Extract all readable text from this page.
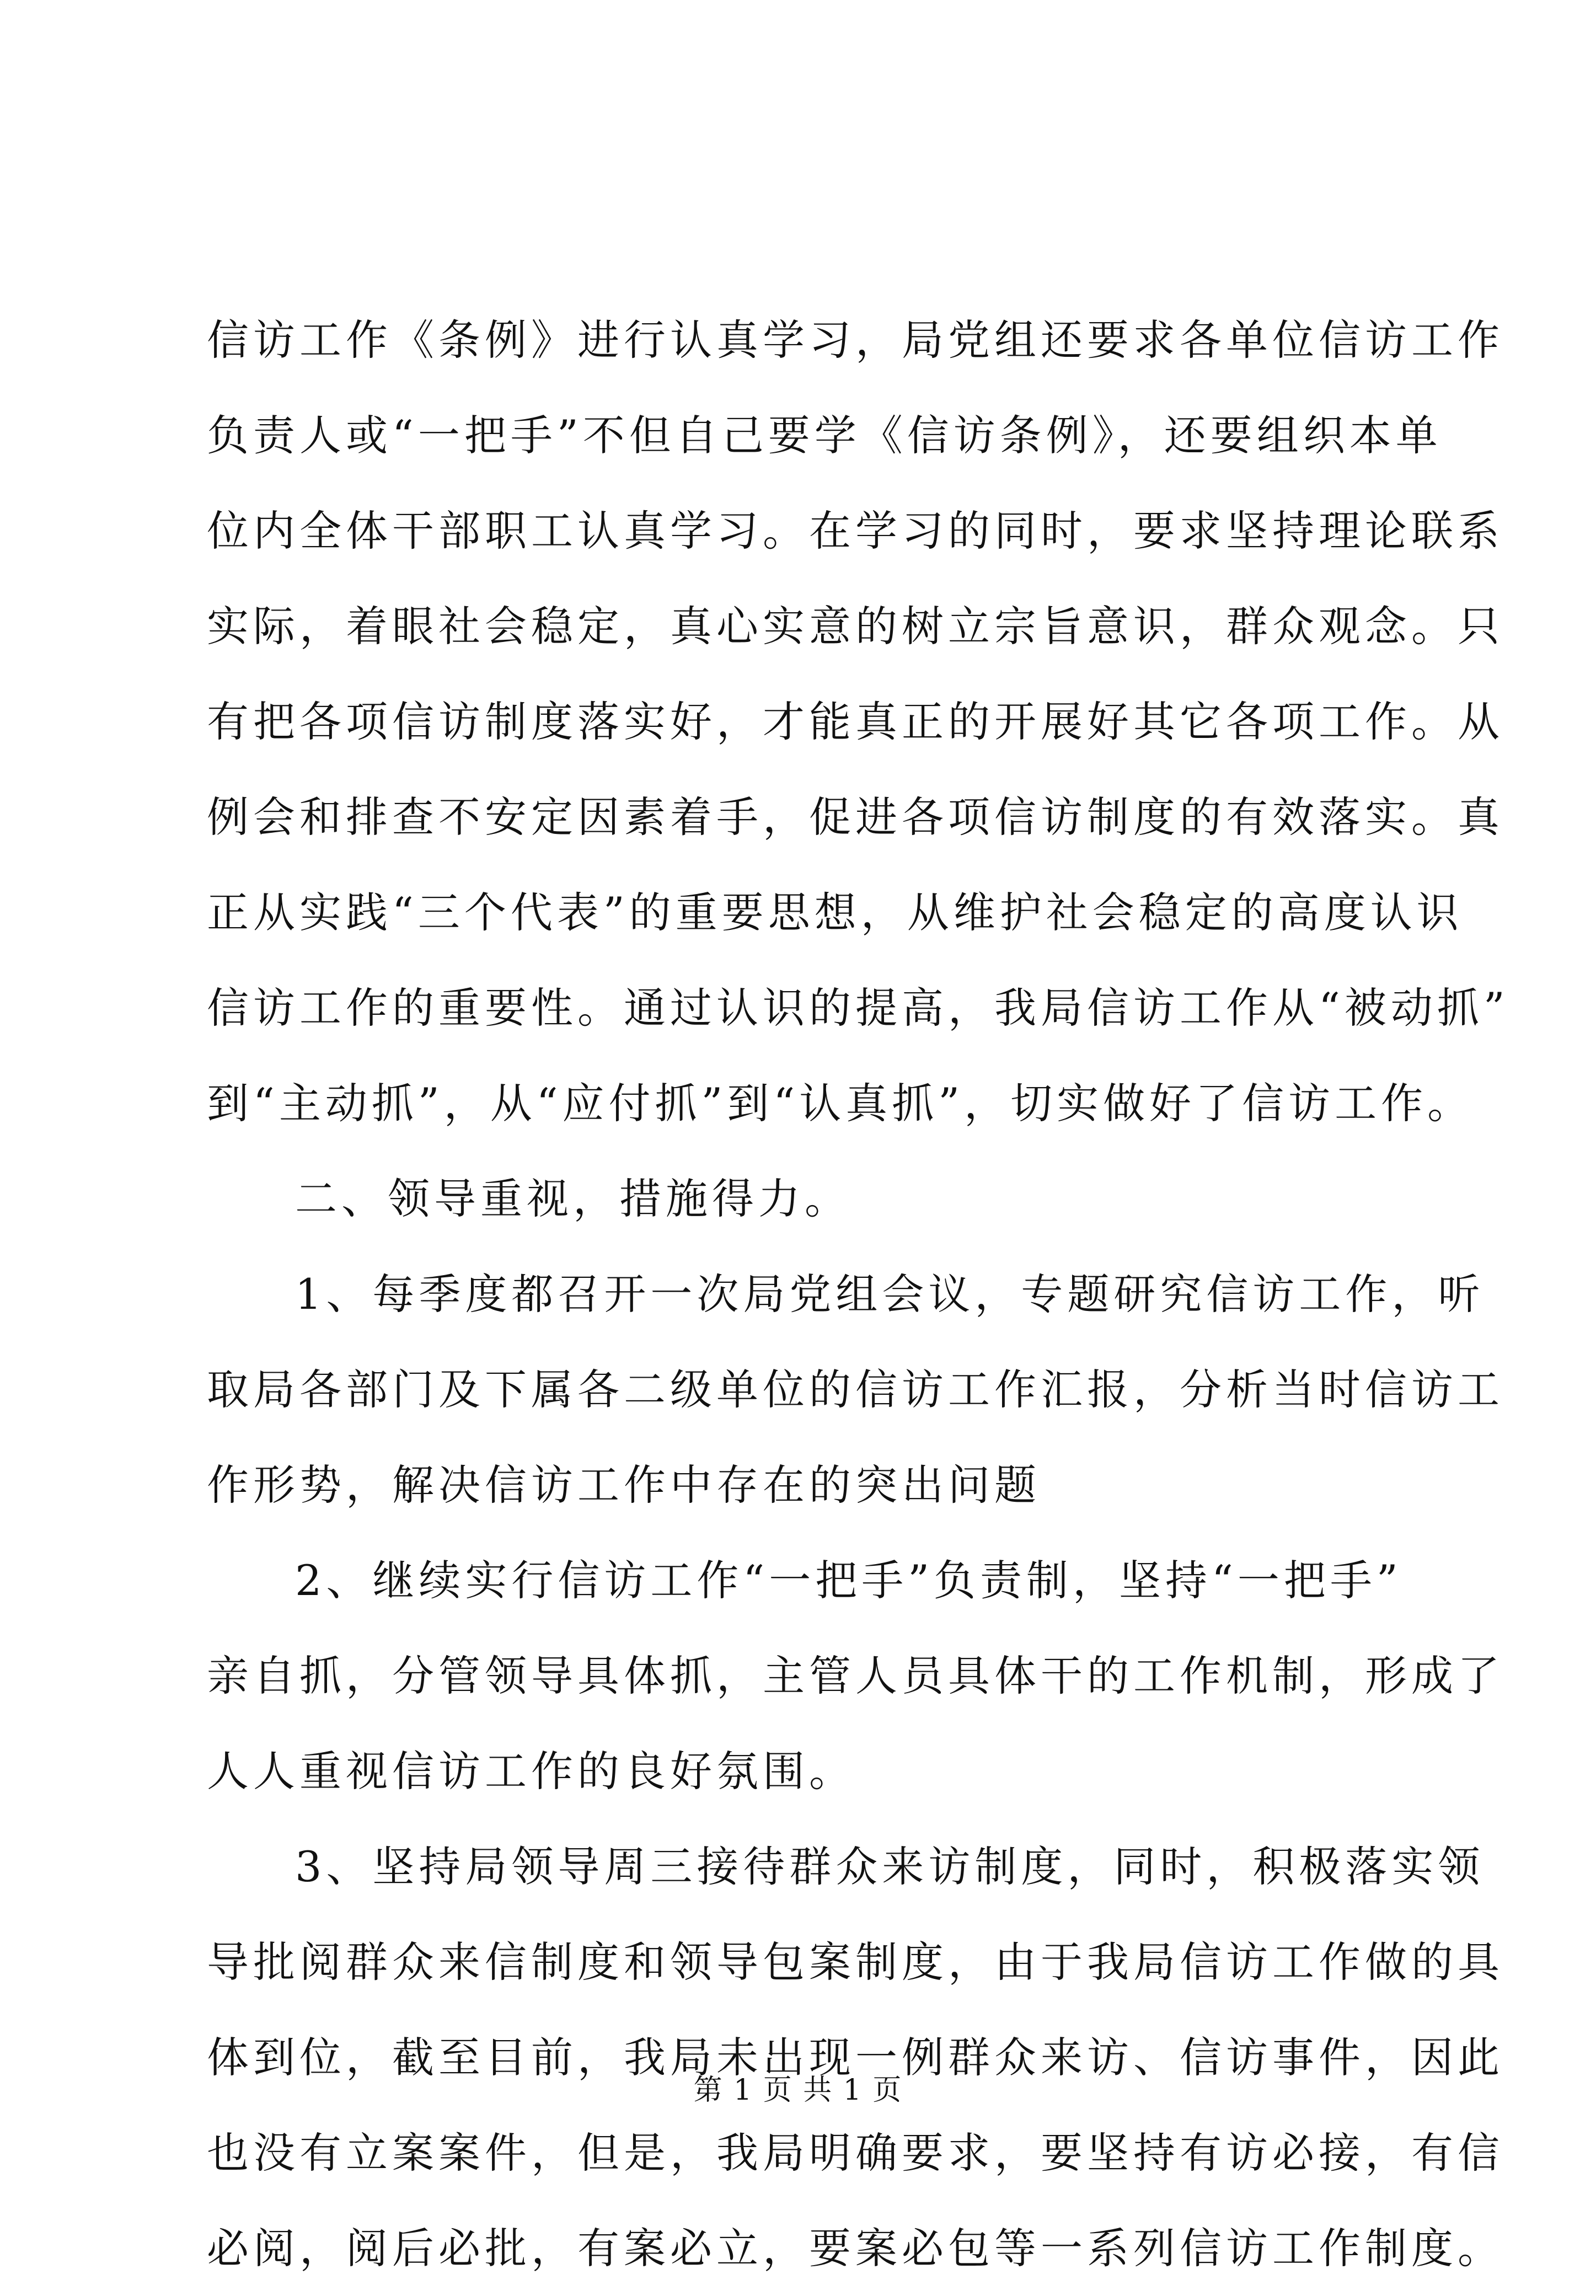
信访工作《条例》进行认真学习，局党组还要求各单位信访工作
负责人或“一把手”不但自己要学《信访条例》，还要组织本单
位内全体干部职工认真学习。在学习的同时，要求坚持理论联系
实际，着眼社会稳定，真心实意的树立宗旨意识，群众观念。只
有把各项信访制度落实好，才能真正的开展好其它各项工作。从
例会和排查不安定因素着手，促进各项信访制度的有效落实。真
正从实践“三个代表”的重要思想，从维护社会稳定的高度认识
信访工作的重要性。通过认识的提高，我局信访工作从“被动抓”
到“主动抓”，从“应付抓”到“认真抓”，切实做好了信访工作。
二、领导重视，措施得力。
1、每季度都召开一次局党组会议，专题研究信访工作，听
取局各部门及下属各二级单位的信访工作汇报，分析当时信访工
作形势，解决信访工作中存在的突出问题
2、继续实行信访工作“一把手”负责制，坚持“一把手”
亲自抓，分管领导具体抓，主管人员具体干的工作机制，形成了
人人重视信访工作的良好氛围。
3、坚持局领导周三接待群众来访制度，同时，积极落实领
导批阅群众来信制度和领导包案制度，由于我局信访工作做的具
体到位，截至目前，我局未出现一例群众来访、信访事件，因此
也没有立案案件，但是，我局明确要求，要坚持有访必接，有信
必阅，阅后必批，有案必立，要案必包等一系列信访工作制度。
第 1 页 共 1 页
